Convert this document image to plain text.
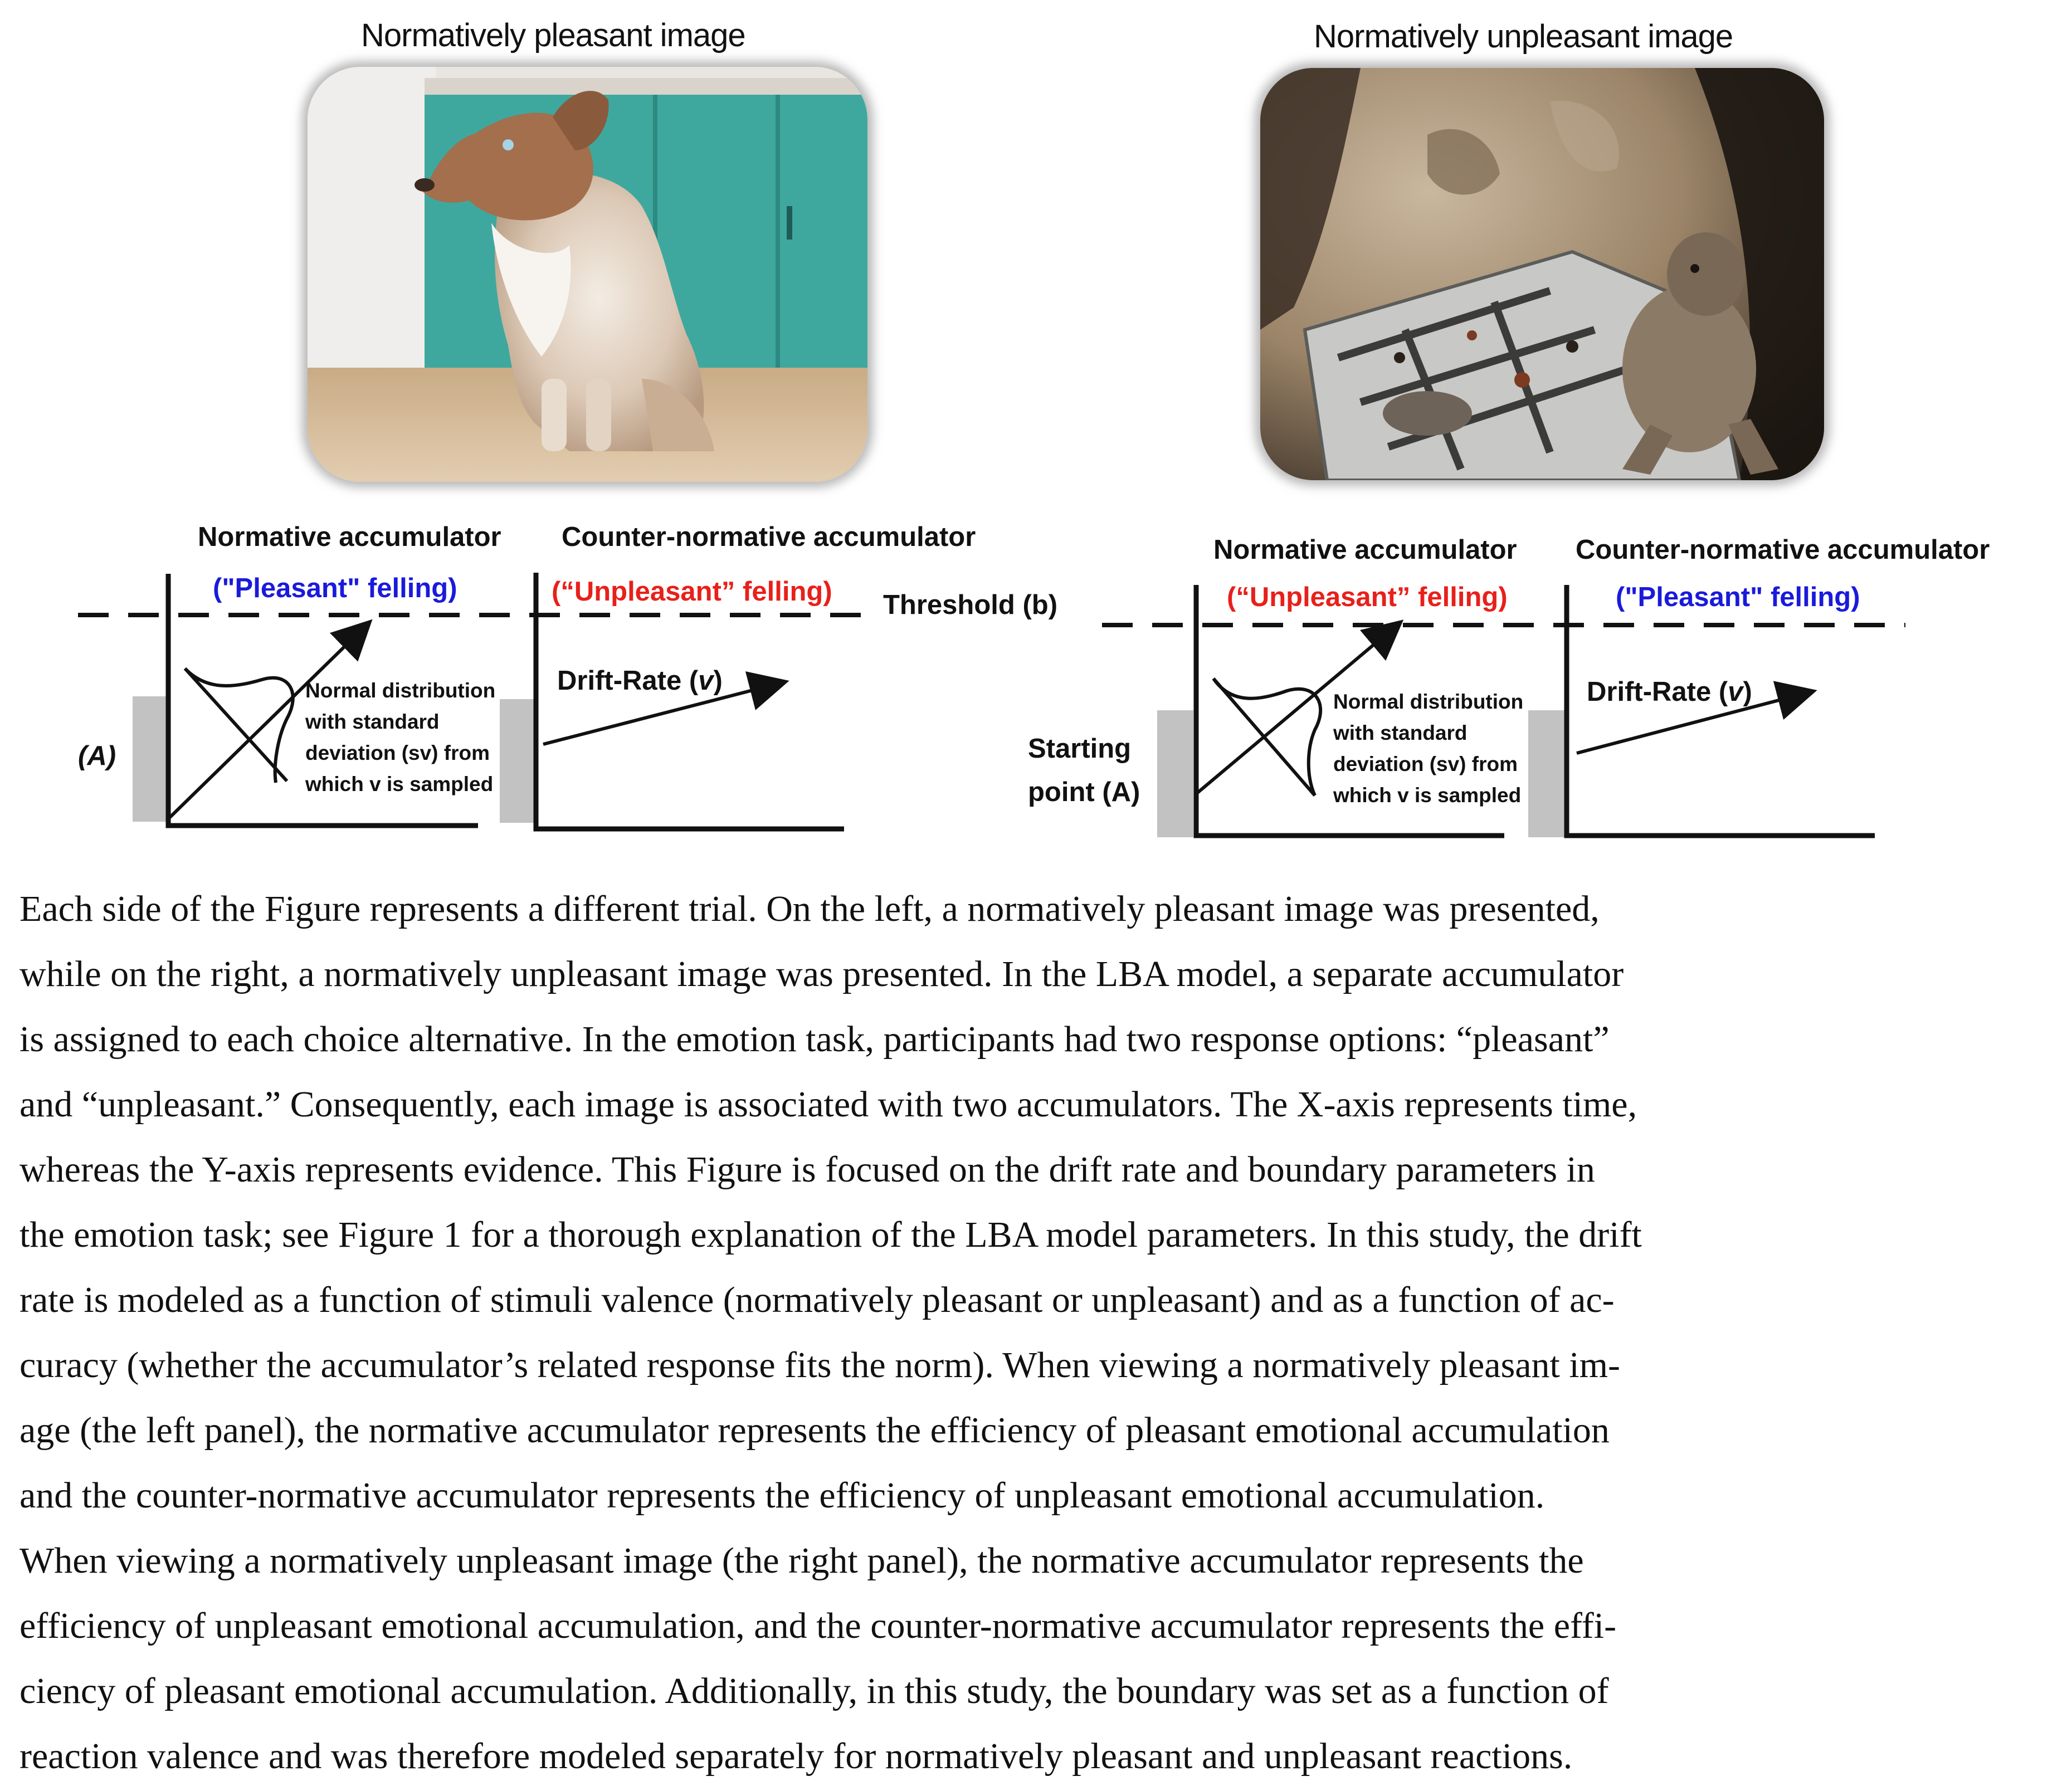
Normatively pleasant image	Normatively unpleasant image
Normative accumulator Counter-normative accumulator
Threshold (b)
("Pleasant" felling)	(“Unpleasant” felling)
Normal distribution with standard deviation (sv) from which v is sampled
(A)
Drift-Rate (v)
Normative accumulator Counter-normative accumulator
(“Unpleasant” felling)	("Pleasant" felling)
Normal distribution with standard deviation (sv) from which v is sampled
Starting point (A)
Drift-Rate (v)

Each side of the Figure represents a different trial. On the left, a normatively pleasant image was presented,
while on the right, a normatively unpleasant image was presented. In the LBA model, a separate accumulator
is assigned to each choice alternative. In the emotion task, participants had two response options: “pleasant”
and “unpleasant.” Consequently, each image is associated with two accumulators. The X-axis represents time,
whereas the Y-axis represents evidence. This Figure is focused on the drift rate and boundary parameters in
the emotion task; see Figure 1 for a thorough explanation of the LBA model parameters. In this study, the drift
rate is modeled as a function of stimuli valence (normatively pleasant or unpleasant) and as a function of ac-
curacy (whether the accumulator’s related response fits the norm). When viewing a normatively pleasant im-
age (the left panel), the normative accumulator represents the efficiency of pleasant emotional accumulation
and the counter-normative accumulator represents the efficiency of unpleasant emotional accumulation.
When viewing a normatively unpleasant image (the right panel), the normative accumulator represents the
efficiency of unpleasant emotional accumulation, and the counter-normative accumulator represents the effi-
ciency of pleasant emotional accumulation. Additionally, in this study, the boundary was set as a function of
reaction valence and was therefore modeled separately for normatively pleasant and unpleasant reactions.
